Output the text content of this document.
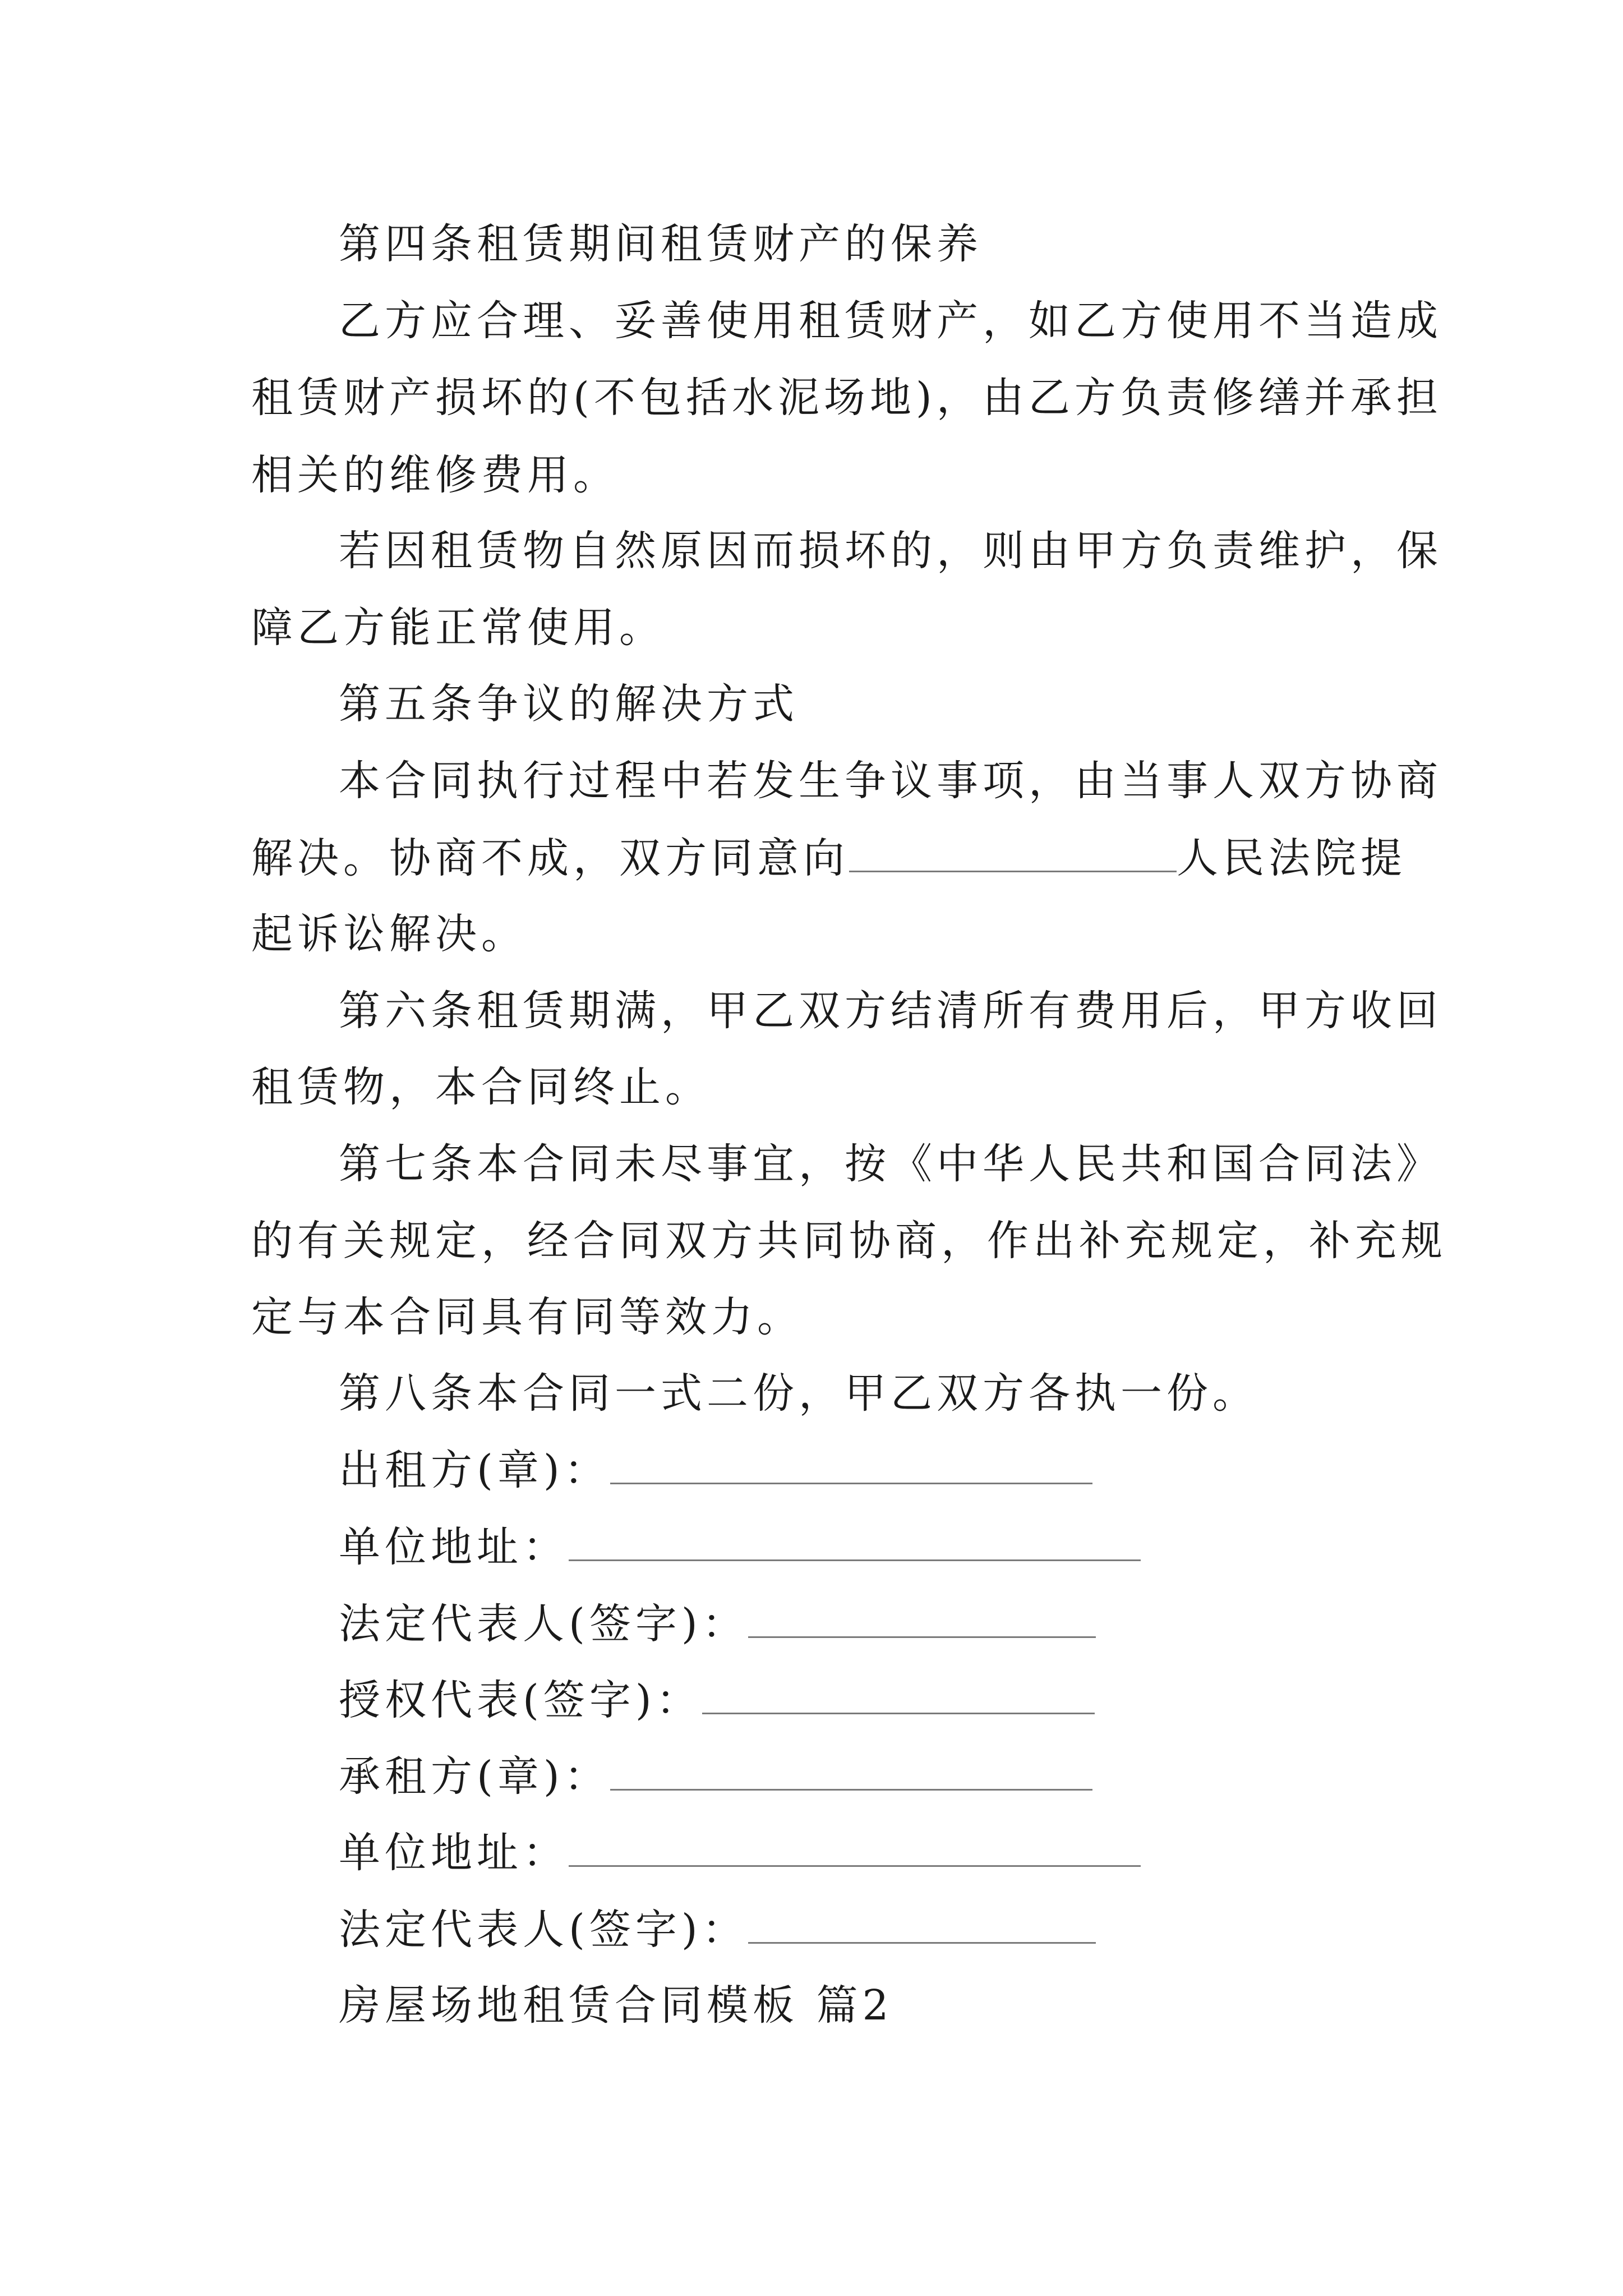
第四条租赁期间租赁财产的保养
乙方应合理、妥善使用租赁财产，如乙方使用不当造成
租赁财产损坏的(不包括水泥场地)，由乙方负责修缮并承担
相关的维修费用。
若因租赁物自然原因而损坏的，则由甲方负责维护，保
障乙方能正常使用。
第五条争议的解决方式
本合同执行过程中若发生争议事项，由当事人双方协商
解决。协商不成，双方同意向	人民法院提
起诉讼解决。
第六条租赁期满，甲乙双方结清所有费用后，甲方收回
租赁物，本合同终止。
第七条本合同未尽事宜，按《中华人民共和国合同法》
的有关规定，经合同双方共同协商，作出补充规定，补充规
定与本合同具有同等效力。
第八条本合同一式二份，甲乙双方各执一份。
出租方(章)：
单位地址：
法定代表人(签字)：
授权代表(签字)：
承租方(章)：
单位地址：
法定代表人(签字)：
房屋场地租赁合同模板 篇2
